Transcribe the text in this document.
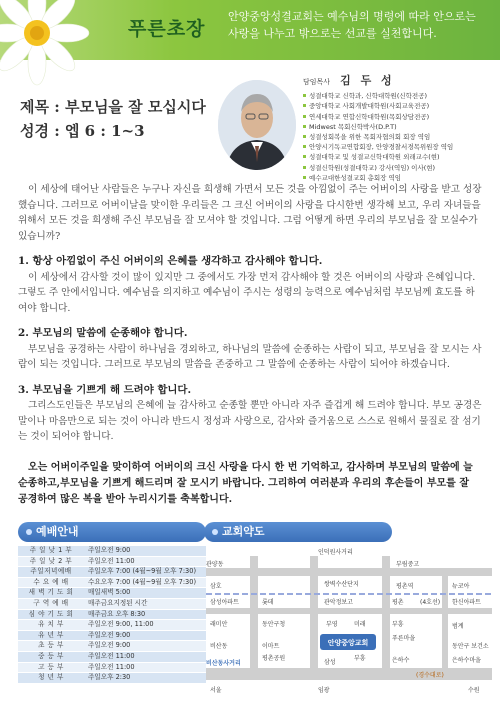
푸른초장
안양중앙성결교회는 예수님의 명령에 따라 안으로는
사랑을 나누고 밖으로는 선교를 실천합니다.
담임목사 김 두 성
성결대학교 신학과, 신학대학원(신학전공)
중앙대학교 사회개발대학원(사회교육전공)
연세대학교 연합신학대학원(목회상담전공)
Midwest 목회신학박사(D.P.T)
성결성회복을 위한 목회자협의회 회장 역임
안양시기독교연합회장, 안양경찰서경목위원장 역임
성결대학교 및 성결교신학대학원 외래교수(현)
성결신학원(성결대학교) 강사(역임) 이사(현)
예수교대한성결교회 총회장 역임
제목 : 부모님을 잘 모십시다
성경 : 엡 6 : 1~3

이 세상에 태어난 사람들은 누구나 자신을 희생해 가면서 모든 것을 아낌없이 주는 어버이의 사랑을 받고 성장했습니다. 그러므로 어버이날을 맞이한 우리들은 그 크신 어버이의 사랑을 다시한번 생각해 보고, 우리 자녀들을 위해서 모든 것을 희생해 주신 부모님을 잘 모셔야 할 것입니다. 그럼 어떻게 하면 우리의 부모님을 잘 모실수가 있습니까?

1. 항상 아낌없이 주신 어버이의 은혜를 생각하고 감사해야 합니다.

이 세상에서 감사할 것이 많이 있지만 그 중에서도 가장 먼저 감사해야 할 것은 어버이의 사랑과 은혜입니다. 그렇도 주 안에서입니다. 예수님을 의지하고 예수님이 주시는 성령의 능력으로 예수님처럼 부모님께 효도를 하여야 합니다.

2. 부모님의 말씀에 순종해야 합니다.

부모님을 공경하는 사람이 하나님을 경외하고, 하나님의 말씀에 순종하는 사람이 되고, 부모님을 잘 모시는 사람이 되는 것입니다. 그러므로 부모님의 말씀을 존중하고 그 말씀에 순종하는 사람이 되어야 하겠습니다.

3. 부모님을 기쁘게 해 드려야 합니다.

그리스도인들은 부모님의 은혜에 늘 감사하고 순종할 뿐만 아니라 자주 즐겁게 해 드려야 합니다. 부모 공경은 말이나 마음만으로 되는 것이 아니라 반드시 정성과 사랑으로, 감사와 즐거움으로 스스로 원해서 물질로 잘 섬기는 것이 되어야 합니다.

오는 어버이주일을 맞이하여 어버이의 크신 사랑을 다시 한 번 기억하고, 감사하며 부모님의 말씀에 늘 순종하고,부모님을 기쁘게 해드리며 잘 모시기 바랍니다. 그리하여 여러분과 우리의 후손들이 부모를 잘 공경하여 많은 복을 받아 누리시기를 축복합니다.
예배안내
주 일 낮 1 부	주일오전 9:00
주 일 낮 2 부	주일오전 11:00
주일저녁예배	주일오후 7:00 (4월~9월 오후 7:30)
수 요 예 배	수요오후 7:00 (4월~9월 오후 7:30)
새 벽 기 도 회	매일새벽 5:00
구 역 예 배	매주금요지정된 시간
심 야 기 도 회	매주금요 오후 8:30
유 치 부	주일오전 9:00, 11:00
유 년 부	주일오전 9:00
초 등 부	주일오전 9:00
중 등 부	주일오전 11:00
고 등 부	주일오전 11:00
청 년 부	주일오후 2:30
교회약도
안양중앙교회
인덕원사거리
관양동	부림중고
평촌역
쌍벽수산단지
삼호	뉴코아
관악정보고
범계
부영
부흥
비산동
비산동사거리	은하수
(경수대로)
서울	임광	수원
평촌	(4호선)
롯데
동안구청
이마트
평촌공원
부흥
푸른마을
삼성아파트
래미안
한신아파트
동안구 보건소
은하수마을
삼성
미래
